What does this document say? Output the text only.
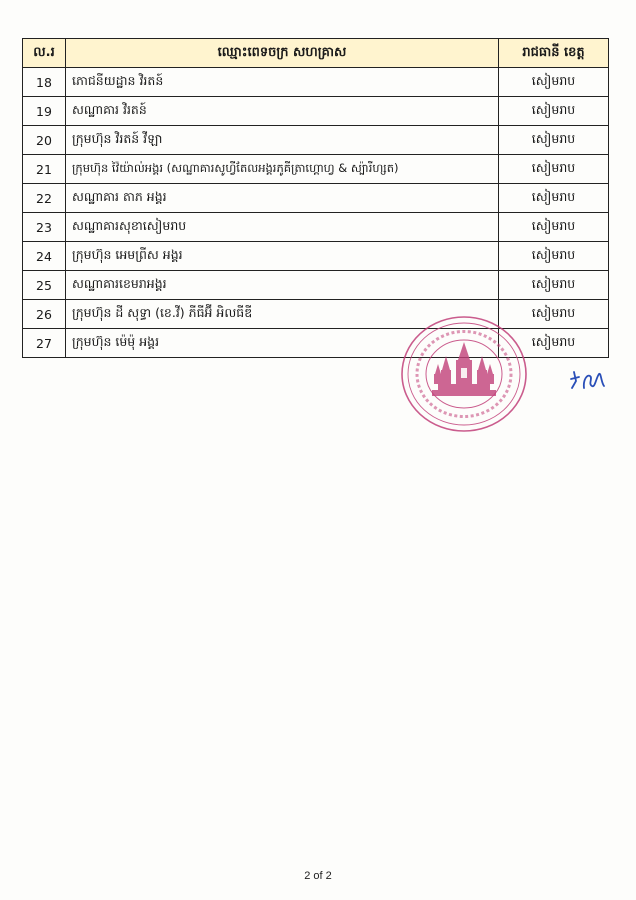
ល.រ	ឈ្មោះពេទចក្រ សហគ្រាស	រាជធានី ខេត្ត
18	ភោជនីយដ្ឋាន វិរតន៍	សៀមរាប
19	សណ្ឋាគារ វិរតន៍	សៀមរាប
20	ក្រុមហ៊ុន វិរតន៍ វីឡា	សៀមរាប
21	ក្រុមហ៊ុន វ៉ៃយ៉ាល់អង្គរ (សណ្ឋាគារសូហ្វីតែលអង្គរភូគីត្រាហ្គោហ្វ & ស្ប៉ារីហ្សត)	សៀមរាប
22	សណ្ឋាគារ តាភ អង្គរ	សៀមរាប
23	សណ្ឋាគារសុខាសៀមរាប	សៀមរាប
24	ក្រុមហ៊ុន អេមព្រីស អង្គរ	សៀមរាប
25	សណ្ឋាគារខេមរាអង្គរ	សៀមរាប
26	ក្រុមហ៊ុន ដី សុទ្ធា (ខេ.វី) ភីធីអ៊ី អិលធីឌី	សៀមរាប
27	ក្រុមហ៊ុន ម៉េម៉ុ អង្គរ	សៀមរាប
2 of 2
